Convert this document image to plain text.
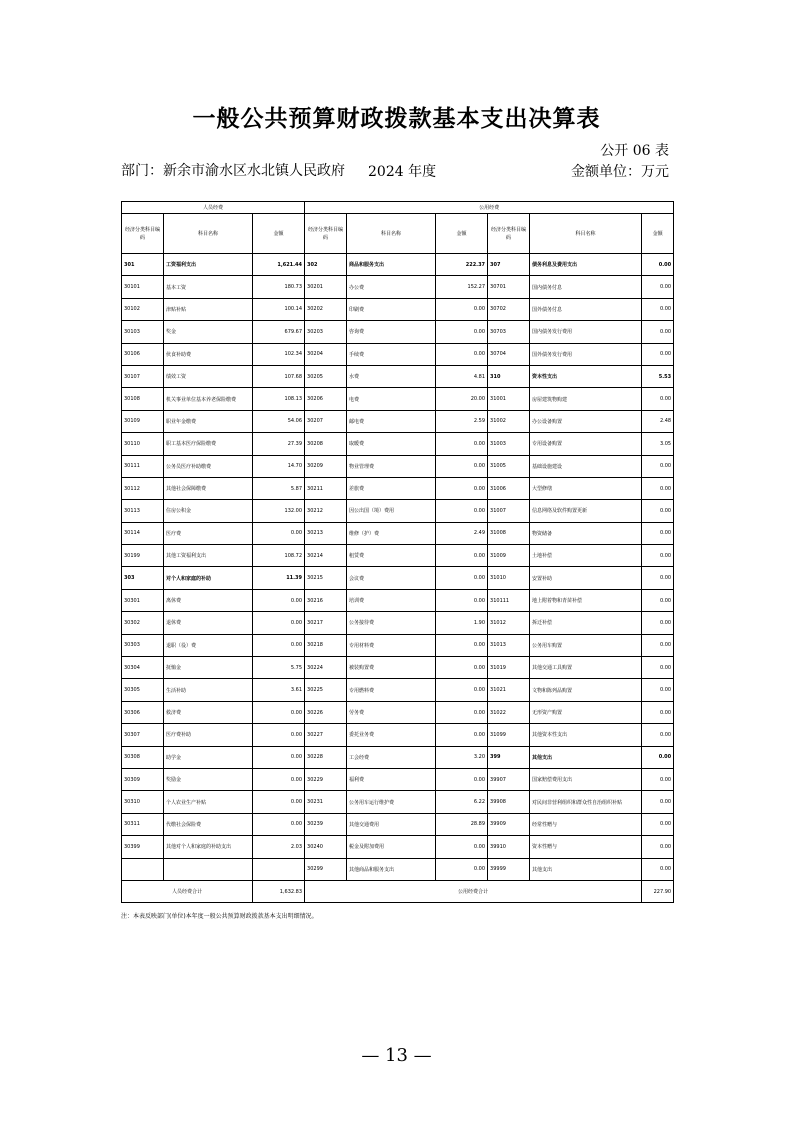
一般公共预算财政拨款基本支出决算表
公开 06 表
部门：新余市渝水区水北镇人民政府 2024 年度	金额单位：万元
人员经费			公用经费					
经济分类科目编码	科目名称	金额	经济分类科目编码	科目名称	金额	经济分类科目编码	科目名称	金额
301	工资福利支出	1,621.44	302	商品和服务支出	222.37	307	债务利息及费用支出	0.00
30101	基本工资	180.73	30201	办公费	152.27	30701	国内债务付息	0.00
30102	津贴补贴	100.14	30202	印刷费	0.00	30702	国外债务付息	0.00
30103	奖金	679.67	30203	咨询费	0.00	30703	国内债务发行费用	0.00
30106	伙食补助费	102.34	30204	手续费	0.00	30704	国外债务发行费用	0.00
30107	绩效工资	107.68	30205	水费	4.81	310	资本性支出	5.53
30108	机关事业单位基本养老保险缴费	108.13	30206	电费	20.00	31001	房屋建筑物购建	0.00
30109	职业年金缴费	54.06	30207	邮电费	2.59	31002	办公设备购置	2.48
30110	职工基本医疗保险缴费	27.39	30208	取暖费	0.00	31003	专用设备购置	3.05
30111	公务员医疗补助缴费	14.70	30209	物业管理费	0.00	31005	基础设施建设	0.00
30112	其他社会保障缴费	5.87	30211	差旅费	0.00	31006	大型修缮	0.00
30113	住房公积金	132.00	30212	因公出国（境）费用	0.00	31007	信息网络及软件购置更新	0.00
30114	医疗费	0.00	30213	维修（护）费	2.49	31008	物资储备	0.00
30199	其他工资福利支出	108.72	30214	租赁费	0.00	31009	土地补偿	0.00
303	对个人和家庭的补助	11.39	30215	会议费	0.00	31010	安置补助	0.00
30301	离休费	0.00	30216	培训费	0.00	310111	地上附着物和青苗补偿	0.00
30302	退休费	0.00	30217	公务接待费	1.90	31012	拆迁补偿	0.00
30303	退职（役）费	0.00	30218	专用材料费	0.00	31013	公务用车购置	0.00
30304	抚恤金	5.75	30224	被装购置费	0.00	31019	其他交通工具购置	0.00
30305	生活补助	3.61	30225	专用燃料费	0.00	31021	文物和陈列品购置	0.00
30306	救济费	0.00	30226	劳务费	0.00	31022	无形资产购置	0.00
30307	医疗费补助	0.00	30227	委托业务费	0.00	31099	其他资本性支出	0.00
30308	助学金	0.00	30228	工会经费	3.20	399	其他支出	0.00
30309	奖励金	0.00	30229	福利费	0.00	39907	国家赔偿费用支出	0.00
30310	个人农业生产补贴	0.00	30231	公务用车运行维护费	6.22	39908	对民间非营利组织和群众性自治组织补贴	0.00
30311	代缴社会保险费	0.00	30239	其他交通费用	28.89	39909	经常性赠与	0.00
30399	其他对个人和家庭的补助支出	2.03	30240	税金及附加费用	0.00	39910	资本性赠与	0.00
			30299	其他商品和服务支出	0.00	39999	其他支出	0.00
人员经费合计		1,632.83	公用经费合计					227.90
注：本表反映部门(单位)本年度一般公共预算财政拨款基本支出明细情况。
— 13 —
